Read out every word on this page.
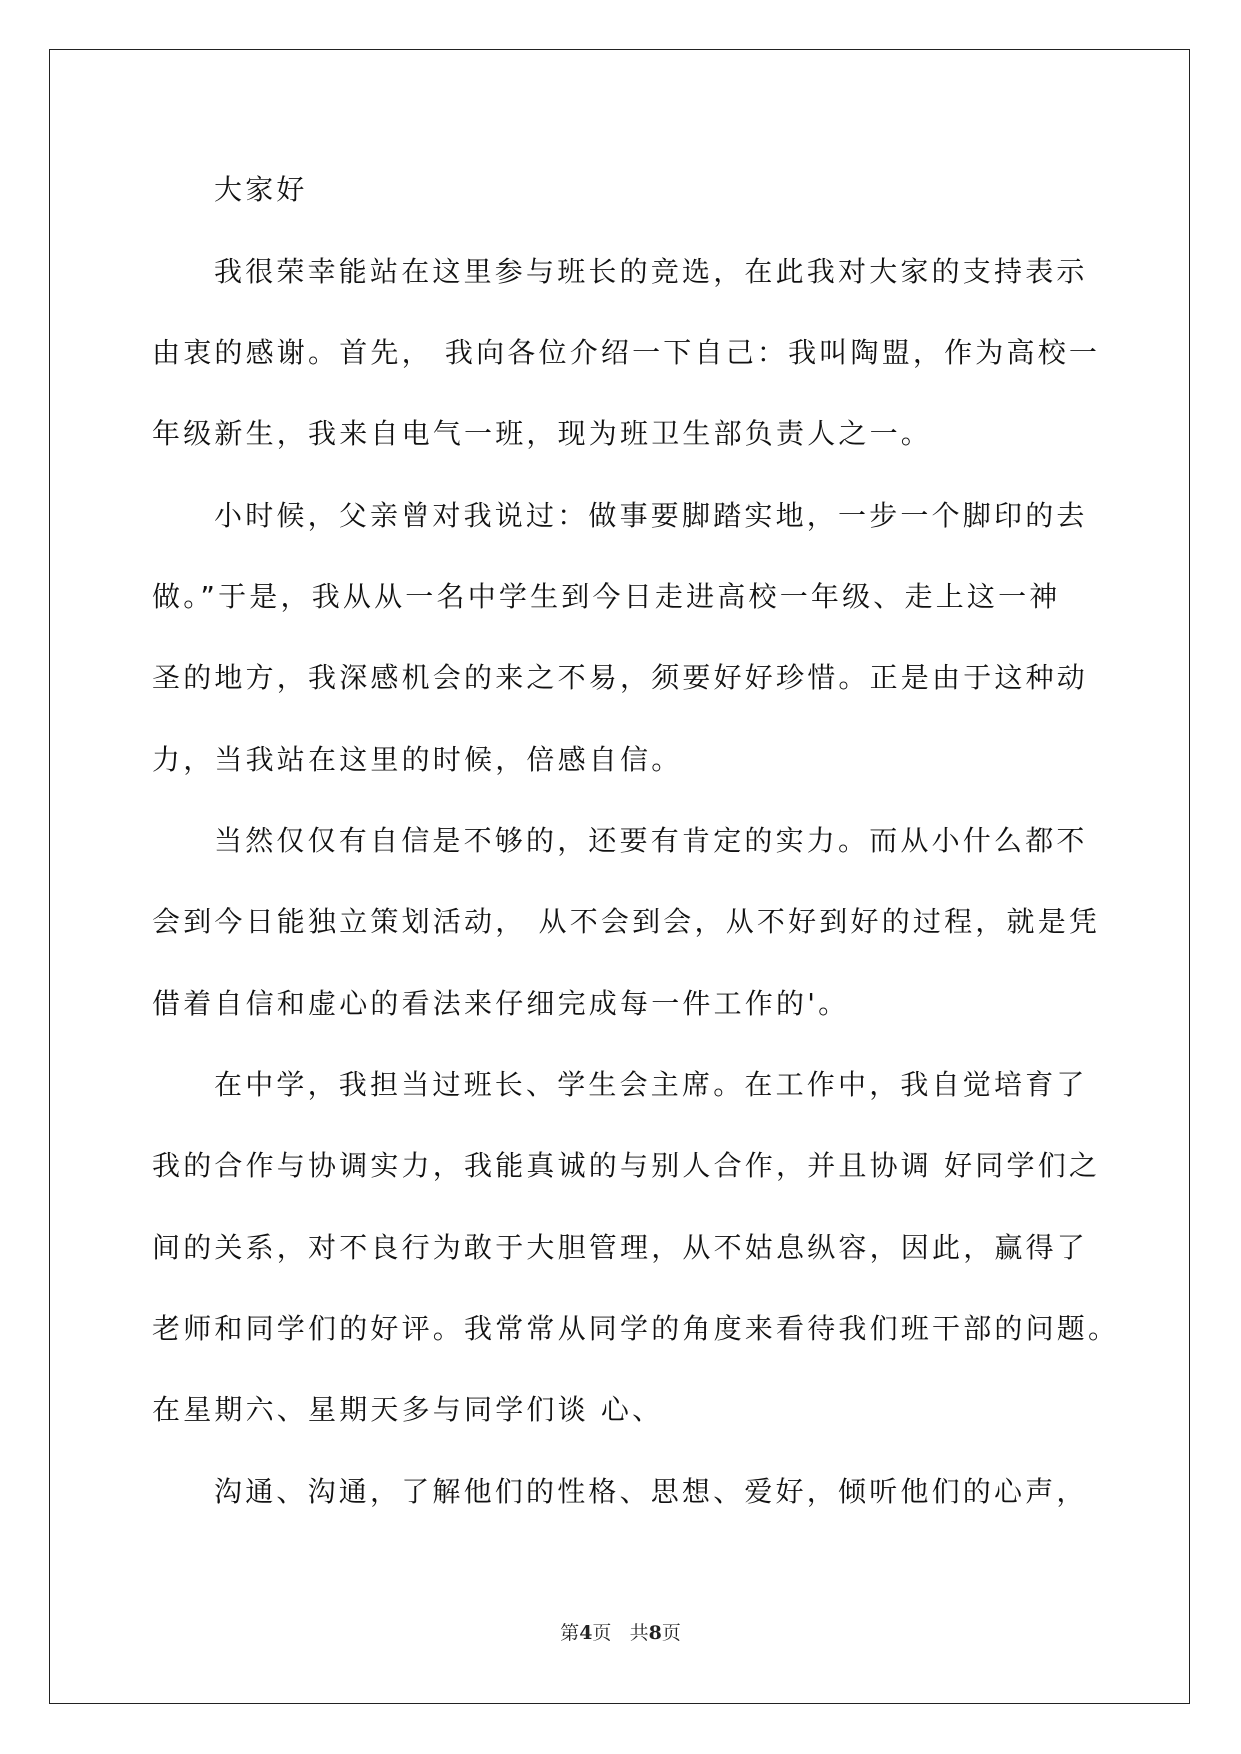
大家好
我很荣幸能站在这里参与班长的竞选，在此我对大家的支持表示
由衷的感谢。首先， 我向各位介绍一下自己：我叫陶盟，作为高校一
年级新生，我来自电气一班，现为班卫生部负责人之一。
小时候，父亲曾对我说过：做事要脚踏实地，一步一个脚印的去
做。”于是，我从从一名中学生到今日走进高校一年级、走上这一神
圣的地方，我深感机会的来之不易，须要好好珍惜。正是由于这种动
力，当我站在这里的时候，倍感自信。
当然仅仅有自信是不够的，还要有肯定的实力。而从小什么都不
会到今日能独立策划活动， 从不会到会，从不好到好的过程，就是凭
借着自信和虚心的看法来仔细完成每一件工作的'。
在中学，我担当过班长、学生会主席。在工作中，我自觉培育了
我的合作与协调实力，我能真诚的与别人合作，并且协调 好同学们之
间的关系，对不良行为敢于大胆管理，从不姑息纵容，因此，赢得了
老师和同学们的好评。我常常从同学的角度来看待我们班干部的问题。
在星期六、星期天多与同学们谈 心、
沟通、沟通，了解他们的性格、思想、爱好，倾听他们的心声，
第4页 共8页
